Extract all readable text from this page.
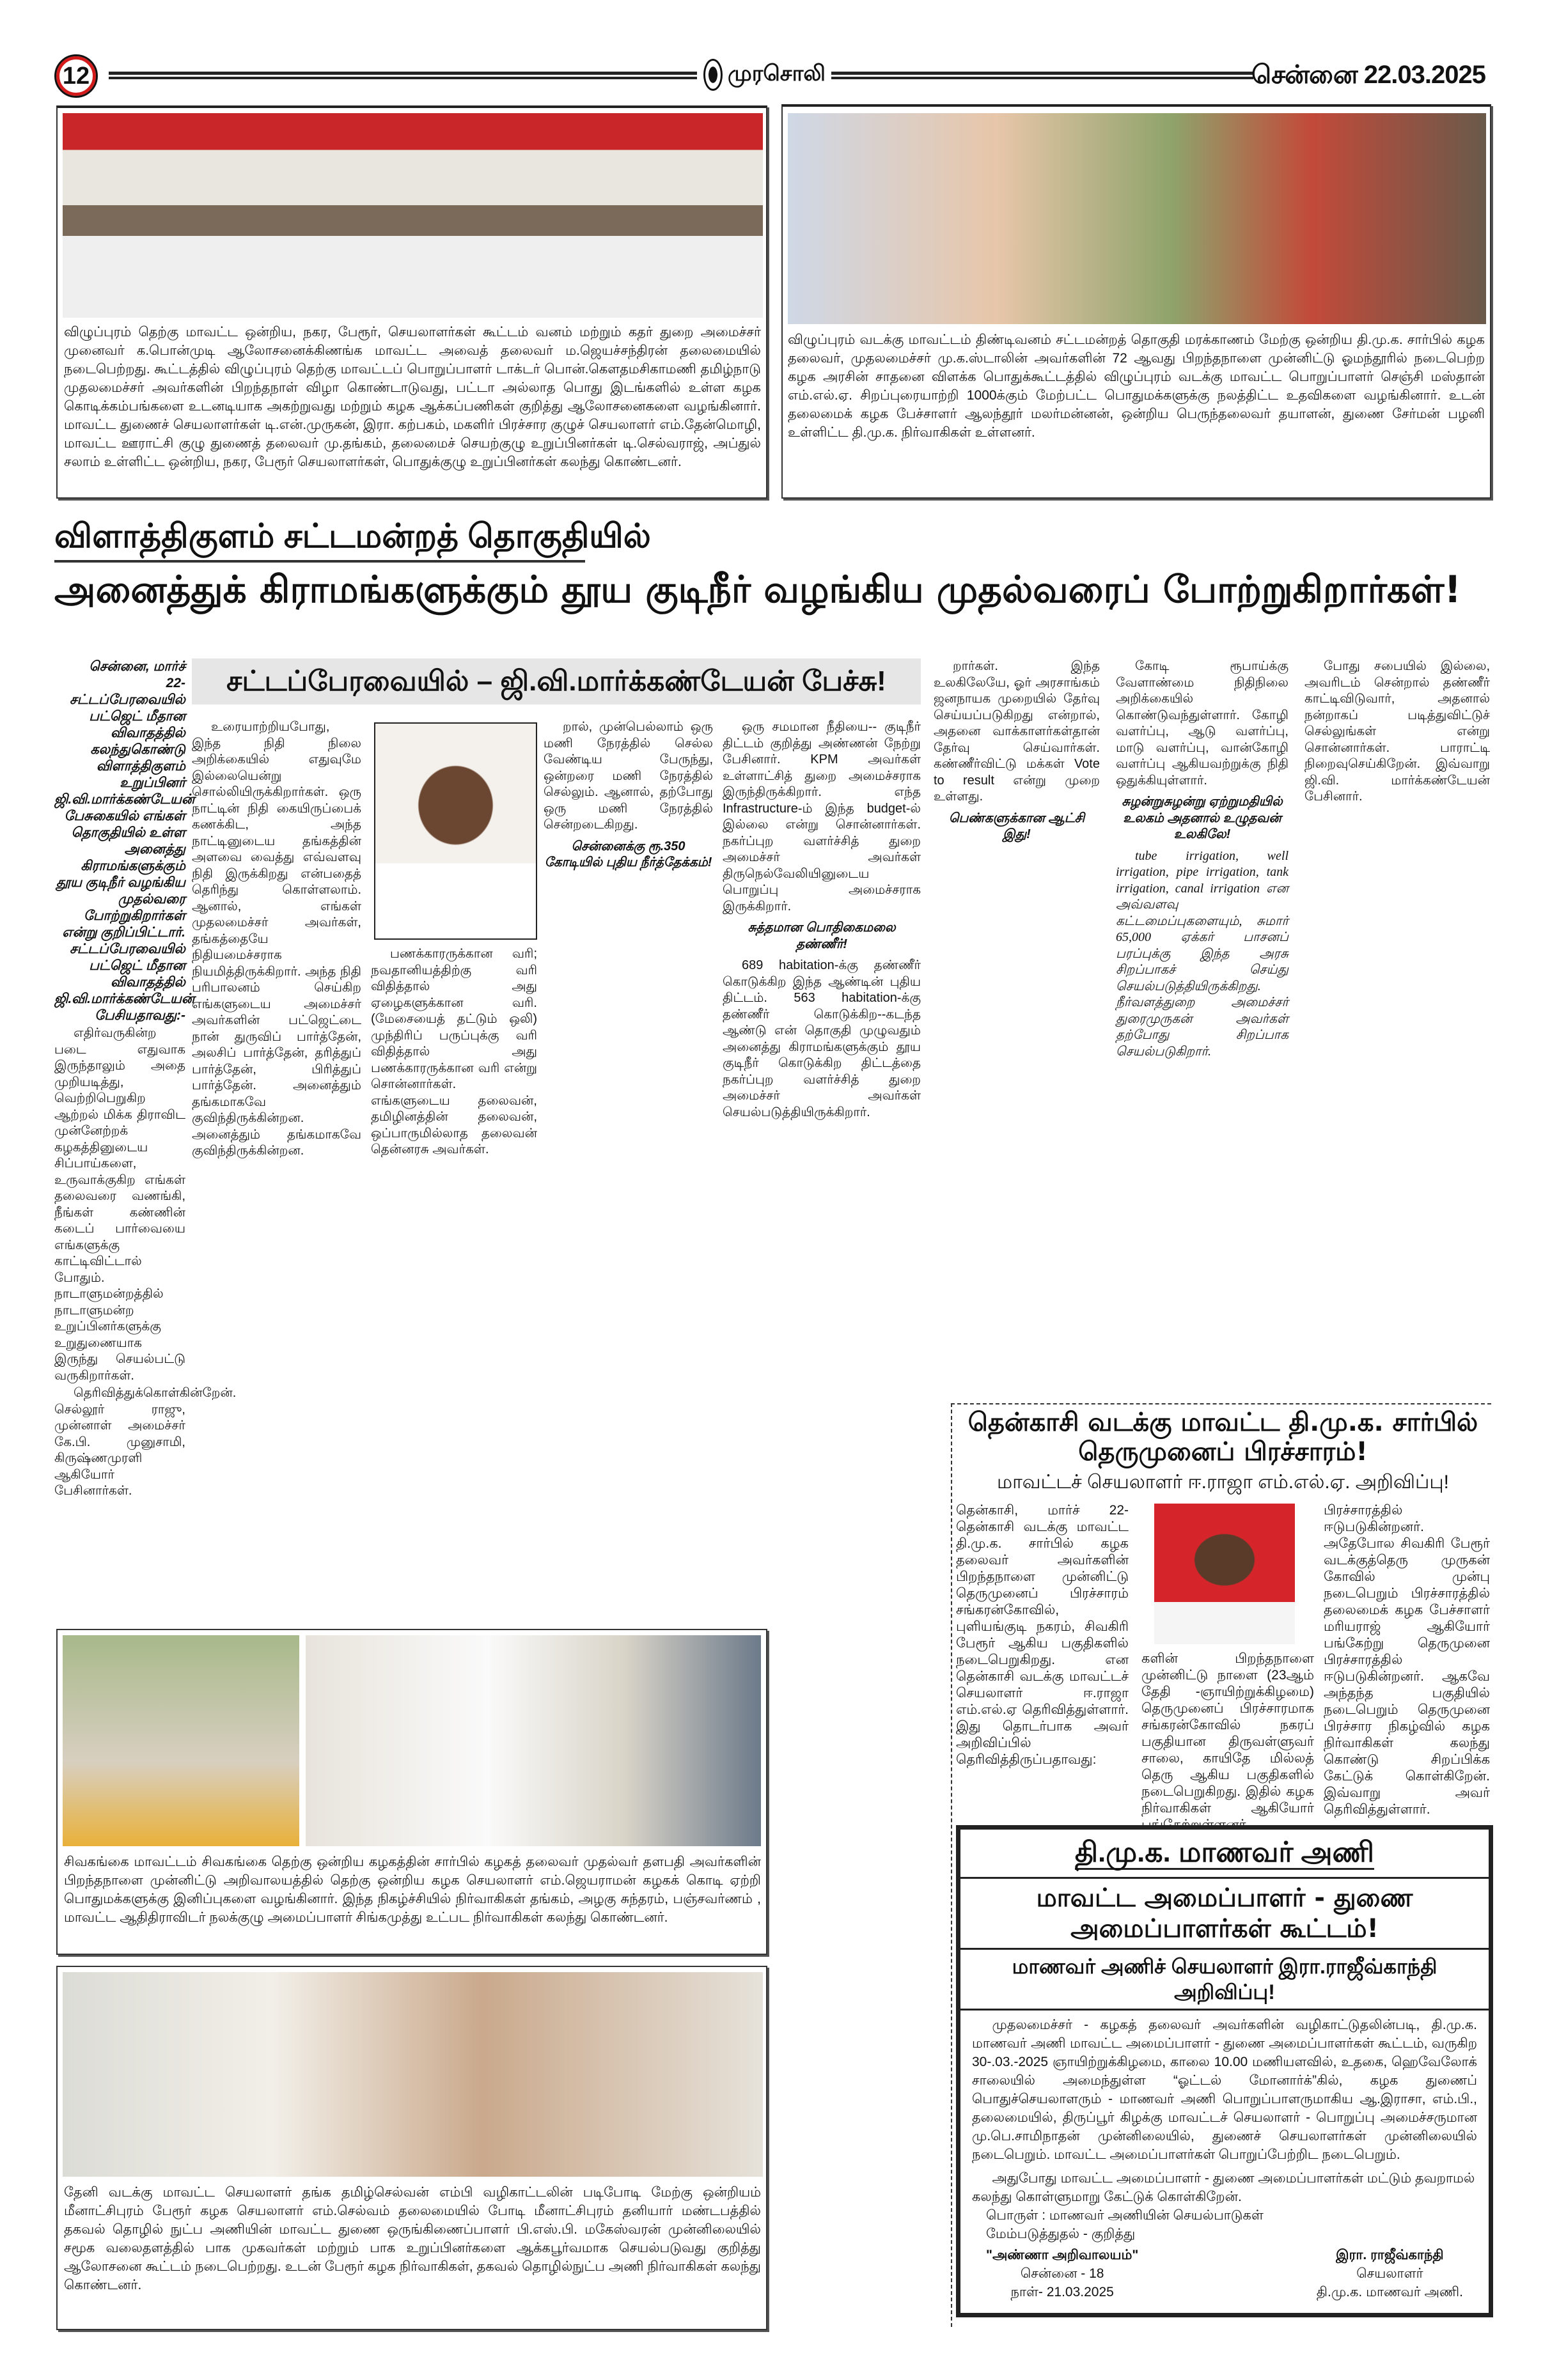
12	முரசொலி	சென்னை 22.03.2025
விழுப்புரம் தெற்கு மாவட்ட ஒன்றிய, நகர, பேரூர், செயலாளர்கள் கூட்டம் வனம் மற்றும் கதர் துறை அமைச்சர் முனைவர் க.பொன்முடி ஆலோசனைக்கிணங்க மாவட்ட அவைத் தலைவர் ம.ஜெயச்சந்திரன் தலைமையில் நடைபெற்றது. கூட்டத்தில் விழுப்புரம் தெற்கு மாவட்டப் பொறுப்பாளர் டாக்டர் பொன்.கௌதமசிகாமணி தமிழ்நாடு முதலமைச்சர் அவர்களின் பிறந்தநாள் விழா கொண்டாடுவது, பட்டா அல்லாத பொது இடங்களில் உள்ள கழக கொடிக்கம்பங்களை உடனடியாக அகற்றுவது மற்றும் கழக ஆக்கப்பணிகள் குறித்து ஆலோசனைகளை வழங்கினார். மாவட்ட துணைச் செயலாளர்கள் டி.என்.முருகன், இரா. கற்பகம், மகளிர் பிரச்சார குழுச் செயலாளர் எம்.தேன்மொழி, மாவட்ட ஊராட்சி குழு துணைத் தலைவர் மு.தங்கம், தலைமைச் செயற்குழு உறுப்பினர்கள் டி.செல்வராஜ், அப்துல் சலாம் உள்ளிட்ட ஒன்றிய, நகர, பேரூர் செயலாளர்கள், பொதுக்குழு உறுப்பினர்கள் கலந்து கொண்டனர்.
விழுப்புரம் வடக்கு மாவட்டம் திண்டிவனம் சட்டமன்றத் தொகுதி மரக்காணம் மேற்கு ஒன்றிய தி.மு.க. சார்பில் கழக தலைவர், முதலமைச்சர் மு.க.ஸ்டாலின் அவர்களின் 72 ஆவது பிறந்தநாளை முன்னிட்டு ஓமந்தூரில் நடைபெற்ற கழக அரசின் சாதனை விளக்க பொதுக்கூட்டத்தில் விழுப்புரம் வடக்கு மாவட்ட பொறுப்பாளர் செஞ்சி மஸ்தான் எம்.எல்.ஏ. சிறப்புரையாற்றி 1000க்கும் மேற்பட்ட பொதுமக்களுக்கு நலத்திட்ட உதவிகளை வழங்கினார். உடன் தலைமைக் கழக பேச்சாளர் ஆலந்தூர் மலர்மன்னன், ஒன்றிய பெருந்தலைவர் தயாளன், துணை சேர்மன் பழனி உள்ளிட்ட தி.மு.க. நிர்வாகிகள் உள்ளனர்.
விளாத்திகுளம் சட்டமன்றத் தொகுதியில்
அனைத்துக் கிராமங்களுக்கும் தூய குடிநீர் வழங்கிய முதல்வரைப் போற்றுகிறார்கள்!
சட்டப்பேரவையில் – ஜி.வி.மார்க்கண்டேயன் பேச்சு!

சென்னை, மார்ச் 22- சட்டப்பேரவையில் பட்ஜெட் மீதான விவாதத்தில் கலந்துகொண்டு விளாத்திகுளம் உறுப்பினர் ஜி.வி.மார்க்கண்டேயன் பேசுகையில் எங்கள் தொகுதியில் உள்ள அனைத்து கிராமங்களுக்கும் தூய குடிநீர் வழங்கிய முதல்வரை போற்றுகிறார்கள் என்று குறிப்பிட்டார். சட்டப்பேரவையில் பட்ஜெட் மீதான விவாதத்தில் ஜி.வி.மார்க்கண்டேயன் பேசியதாவது:-

எதிர்வருகின்ற படை எதுவாக இருந்தாலும் அதை முறியடித்து, வெற்றிபெறுகிற ஆற்றல் மிக்க திராவிட முன்னேற்றக் கழகத்தினுடைய சிப்பாய்களை, உருவாக்குகிற எங்கள் தலைவரை வணங்கி, நீங்கள் கண்ணின் கடைப் பார்வையை எங்களுக்கு காட்டிவிட்டால் போதும். நாடாளுமன்றத்தில் நாடாளுமன்ற உறுப்பினர்களுக்கு உறுதுணையாக இருந்து செயல்பட்டு வருகிறார்கள்.

தெரிவித்துக்கொள்கின்றேன். செல்லூர் ராஜு, முன்னாள் அமைச்சர் கே.பி. முனுசாமி, கிருஷ்ணமுரளி ஆகியோர் பேசினார்கள்.

உரையாற்றியபோது, இந்த நிதி நிலை அறிக்கையில் எதுவுமே இல்லையென்று சொல்லியிருக்கிறார்கள். ஒரு நாட்டின் நிதி கையிருப்பைக் கணக்கிட, அந்த நாட்டினுடைய தங்கத்தின் அளவை வைத்து எவ்வளவு நிதி இருக்கிறது என்பதைத் தெரிந்து கொள்ளலாம். ஆனால், எங்கள் முதலமைச்சர் அவர்கள், தங்கத்தையே நிதியமைச்சராக நியமித்திருக்கிறார். அந்த நிதி பரிபாலனம் செய்கிற எங்களுடைய அமைச்சர் அவர்களின் பட்ஜெட்டை நான் துருவிப் பார்த்தேன், அலசிப் பார்த்தேன், தரித்துப் பார்த்தேன், பிரித்துப் பார்த்தேன். அனைத்தும் தங்கமாகவே குவிந்திருக்கின்றன. அனைத்தும் தங்கமாகவே குவிந்திருக்கின்றன.

பணக்காரருக்கான வரி; நவதானியத்திற்கு வரி விதித்தால் அது ஏழைகளுக்கான வரி. (மேசையைத் தட்டும் ஒலி) முந்திரிப் பருப்புக்கு வரி விதித்தால் அது பணக்காரருக்கான வரி என்று சொன்னார்கள். எங்களுடைய தலைவன், தமிழினத்தின் தலைவன், ஒப்பாருமில்லாத தலைவன் தென்னரசு அவர்கள்.

றால், முன்பெல்லாம் ஒரு மணி நேரத்தில் செல்ல வேண்டிய பேருந்து, ஒன்றரை மணி நேரத்தில் செல்லும். ஆனால், தற்போது ஒரு மணி நேரத்தில் சென்றடைகிறது.

சென்னைக்கு ரூ.350 கோடியில் புதிய நீர்த்தேக்கம்!

ஒரு சமமான நீதியை-- குடிநீர் திட்டம் குறித்து அண்ணன் நேற்று பேசினார். KPM அவர்கள் உள்ளாட்சித் துறை அமைச்சராக இருந்திருக்கிறார். எந்த Infrastructure-ம் இந்த budget-ல் இல்லை என்று சொன்னார்கள். நகர்ப்புற வளர்ச்சித் துறை அமைச்சர் அவர்கள் திருநெல்வேலியினுடைய பொறுப்பு அமைச்சராக இருக்கிறார்.

சுத்தமான பொதிகைமலை தண்ணீர்!

689 habitation-க்கு தண்ணீர் கொடுக்கிற இந்த ஆண்டின் புதிய திட்டம். 563 habitation-க்கு தண்ணீர் கொடுக்கிற--கடந்த ஆண்டு என் தொகுதி முழுவதும் அனைத்து கிராமங்களுக்கும் தூய குடிநீர் கொடுக்கிற திட்டத்தை நகர்ப்புற வளர்ச்சித் துறை அமைச்சர் அவர்கள் செயல்படுத்தியிருக்கிறார்.

றார்கள். இந்த உலகிலேயே, ஓர் அரசாங்கம் ஜனநாயக முறையில் தேர்வு செய்யப்படுகிறது என்றால், அதனை வாக்காளர்கள்தான் தேர்வு செய்வார்கள். கண்ணீர்விட்டு மக்கள் Vote to result என்று முறை உள்ளது.

பெண்களுக்கான ஆட்சி இது!

கோடி ரூபாய்க்கு வேளாண்மை நிதிநிலை அறிக்கையில் கொண்டுவந்துள்ளார். கோழி வளர்ப்பு, ஆடு வளர்ப்பு, மாடு வளர்ப்பு, வான்கோழி வளர்ப்பு ஆகியவற்றுக்கு நிதி ஒதுக்கியுள்ளார்.

சுழன்றுசுழன்று ஏற்றுமதியில் உலகம் அதனால் உழுதவன் உலகிலே!

tube irrigation, well irrigation, pipe irrigation, tank irrigation, canal irrigation என அவ்வளவு கட்டமைப்புகளையும், சுமார் 65,000 ஏக்கர் பாசனப் பரப்புக்கு இந்த அரசு சிறப்பாகச் செய்து செயல்படுத்தியிருக்கிறது. நீர்வளத்துறை அமைச்சர் துரைமுருகன் அவர்கள் தற்போது சிறப்பாக செயல்படுகிறார்.

போது சபையில் இல்லை, அவரிடம் சென்றால் தண்ணீர் காட்டிவிடுவார், அதனால் நன்றாகப் படித்துவிட்டுச் செல்லுங்கள் என்று சொன்னார்கள். பாராட்டி நிறைவுசெய்கிறேன். இவ்வாறு ஜி.வி. மார்க்கண்டேயன் பேசினார்.

சிவகங்கை மாவட்டம் சிவகங்கை தெற்கு ஒன்றிய கழகத்தின் சார்பில் கழகத் தலைவர் முதல்வர் தளபதி அவர்களின் பிறந்தநாளை முன்னிட்டு அறிவாலயத்தில் தெற்கு ஒன்றிய கழக செயலாளர் எம்.ஜெயராமன் கழகக் கொடி ஏற்றி பொதுமக்களுக்கு இனிப்புகளை வழங்கினார். இந்த நிகழ்ச்சியில் நிர்வாகிகள் தங்கம், அழகு சுந்தரம், பஞ்சவர்ணம் , மாவட்ட ஆதிதிராவிடர் நலக்குழு அமைப்பாளர் சிங்கமுத்து உட்பட நிர்வாகிகள் கலந்து கொண்டனர்.
தேனி வடக்கு மாவட்ட செயலாளர் தங்க தமிழ்செல்வன் எம்பி வழிகாட்டலின் படிபோடி மேற்கு ஒன்றியம் மீனாட்சிபுரம் பேரூர் கழக செயலாளர் எம்.செல்வம் தலைமையில் போடி மீனாட்சிபுரம் தனியார் மண்டபத்தில் தகவல் தொழில் நுட்ப அணியின் மாவட்ட துணை ஒருங்கிணைப்பாளர் பி.எஸ்.பி. மகேஸ்வரன் முன்னிலையில் சமூக வலைதளத்தில் பாக முகவர்கள் மற்றும் பாக உறுப்பினர்களை ஆக்கபூர்வமாக செயல்படுவது குறித்து ஆலோசனை கூட்டம் நடைபெற்றது. உடன் பேரூர் கழக நிர்வாகிகள், தகவல் தொழில்நுட்ப அணி நிர்வாகிகள் கலந்து கொண்டனர்.
தென்காசி வடக்கு மாவட்ட தி.மு.க. சார்பில் தெருமுனைப் பிரச்சாரம்!
மாவட்டச் செயலாளர் ஈ.ராஜா எம்.எல்.ஏ. அறிவிப்பு!
தென்காசி, மார்ச் 22- தென்காசி வடக்கு மாவட்ட தி.மு.க. சார்பில் கழக தலைவர் அவர்களின் பிறந்தநாளை முன்னிட்டு தெருமுனைப் பிரச்சாரம் சங்கரன்கோவில், புளியங்குடி நகரம், சிவகிரி பேரூர் ஆகிய பகுதிகளில் நடைபெறுகிறது. என தென்காசி வடக்கு மாவட்டச் செயலாளர் ஈ.ராஜா எம்.எல்.ஏ தெரிவித்துள்ளார். இது தொடர்பாக அவர் அறிவிப்பில் தெரிவித்திருப்பதாவது:
களின் பிறந்தநாளை முன்னிட்டு நாளை (23ஆம் தேதி -ஞாயிற்றுக்கிழமை) தெருமுனைப் பிரச்சாரமாக சங்கரன்கோவில் நகரப் பகுதியான திருவள்ளுவர் சாலை, காயிதே மில்லத் தெரு ஆகிய பகுதிகளில் நடைபெறுகிறது. இதில் கழக நிர்வாகிகள் ஆகியோர்
பிரச்சாரத்தில் ஈடுபடுகின்றனர். அதேபோல சிவகிரி பேரூர் வடக்குத்தெரு முருகன் கோவில் முன்பு நடைபெறும் பிரச்சாரத்தில் தலைமைக் கழக பேச்சாளர் மரியராஜ் ஆகியோர் பங்கேற்று தெருமுனை பிரச்சாரத்தில் ஈடுபடுகின்றனர். ஆகவே அந்தந்த பகுதியில் நடைபெறும் தெருமுனை பிரச்சார நிகழ்வில் கழக நிர்வாகிகள் கலந்து கொண்டு சிறப்பிக்க கேட்டுக் கொள்கிறேன். இவ்வாறு அவர் தெரிவித்துள்ளார்.
தி.மு.க. மாணவர் அணி
மாவட்ட அமைப்பாளர் - துணை அமைப்பாளர்கள் கூட்டம்!
மாணவர் அணிச் செயலாளர் இரா.ராஜீவ்காந்தி அறிவிப்பு!
முதலமைச்சர் - கழகத் தலைவர் அவர்களின் வழிகாட்டுதலின்படி, தி.மு.க. மாணவர் அணி மாவட்ட அமைப்பாளர் - துணை அமைப்பாளர்கள் கூட்டம், வருகிற 30-.03.-2025 ஞாயிற்றுக்கிழமை, காலை 10.00 மணியளவில், உதகை, ஹெவேலோக் சாலையில் அமைந்துள்ள “ஓட்டல் மோனார்க்”கில், கழக துணைப் பொதுச்செயலாளரும் - மாணவர் அணி பொறுப்பாளருமாகிய ஆ.இராசா, எம்.பி., தலைமையில், திருப்பூர் கிழக்கு மாவட்டச் செயலாளர் - பொறுப்பு அமைச்சருமான மு.பெ.சாமிநாதன் முன்னிலையில், துணைச் செயலாளர்கள் முன்னிலையில் நடைபெறும். மாவட்ட அமைப்பாளர்கள் பொறுப்பேற்றிட நடைபெறும்.
அதுபோது மாவட்ட அமைப்பாளர் - துணை அமைப்பாளர்கள் மட்டும் தவறாமல் கலந்து கொள்ளுமாறு கேட்டுக் கொள்கிறேன்.
பொருள் : மாணவர் அணியின் செயல்பாடுகள்
மேம்படுத்துதல் - குறித்து
"அண்ணா அறிவாலயம்"
சென்னை - 18
நாள்- 21.03.2025
இரா. ராஜீவ்காந்தி
செயலாளர்
தி.மு.க. மாணவர் அணி.
